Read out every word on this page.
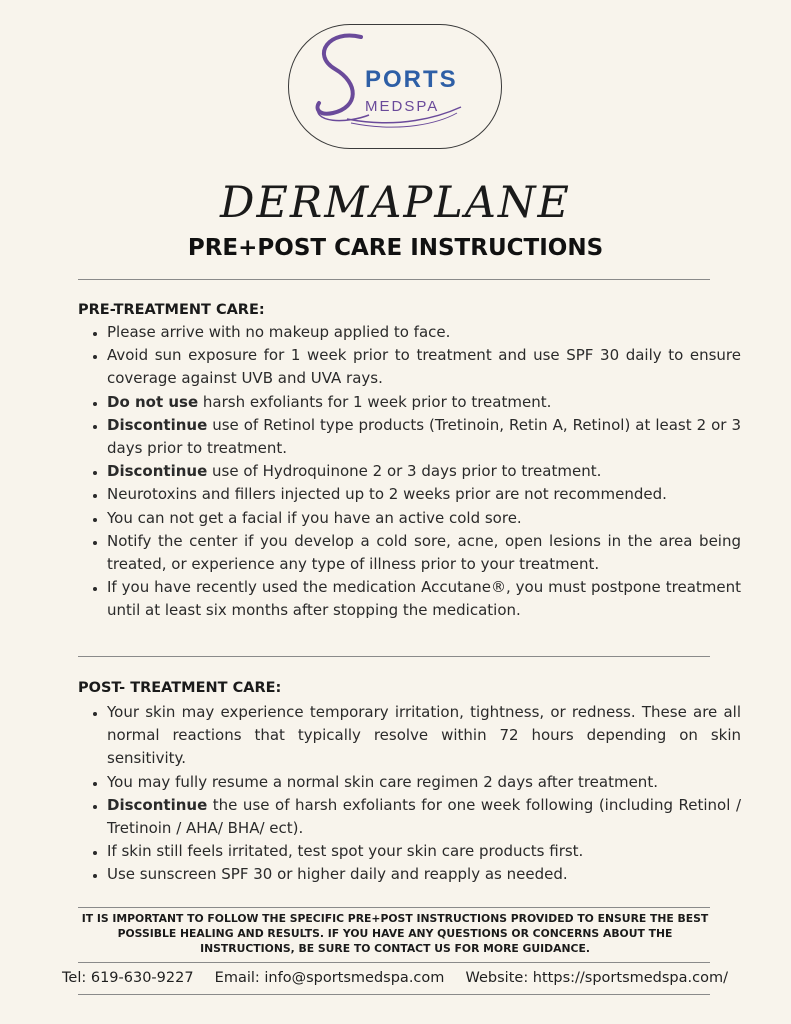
PORTS
MEDSPA
DERMAPLANE
PRE+POST CARE INSTRUCTIONS
PRE-TREATMENT CARE:
• Please arrive with no makeup applied to face.
• Avoid sun exposure for 1 week prior to treatment and use SPF 30 daily to ensure coverage against UVB and UVA rays.
• Do not use harsh exfoliants for 1 week prior to treatment.
• Discontinue use of Retinol type products (Tretinoin, Retin A, Retinol) at least 2 or 3 days prior to treatment.
• Discontinue use of Hydroquinone 2 or 3 days prior to treatment.
• Neurotoxins and fillers injected up to 2 weeks prior are not recommended.
• You can not get a facial if you have an active cold sore.
• Notify the center if you develop a cold sore, acne, open lesions in the area being treated, or experience any type of illness prior to your treatment.
• If you have recently used the medication Accutane®, you must postpone treatment until at least six months after stopping the medication.
POST- TREATMENT CARE:
• Your skin may experience temporary irritation, tightness, or redness. These are all normal reactions that typically resolve within 72 hours depending on skin sensitivity.
• You may fully resume a normal skin care regimen 2 days after treatment.
• Discontinue the use of harsh exfoliants for one week following (including Retinol / Tretinoin / AHA/ BHA/ ect).
• If skin still feels irritated, test spot your skin care products first.
• Use sunscreen SPF 30 or higher daily and reapply as needed.
IT IS IMPORTANT TO FOLLOW THE SPECIFIC PRE+POST INSTRUCTIONS PROVIDED TO ENSURE THE BEST POSSIBLE HEALING AND RESULTS. IF YOU HAVE ANY QUESTIONS OR CONCERNS ABOUT THE INSTRUCTIONS, BE SURE TO CONTACT US FOR MORE GUIDANCE.
Tel: 619-630-9227 Email: info@sportsmedspa.com Website: https://sportsmedspa.com/
